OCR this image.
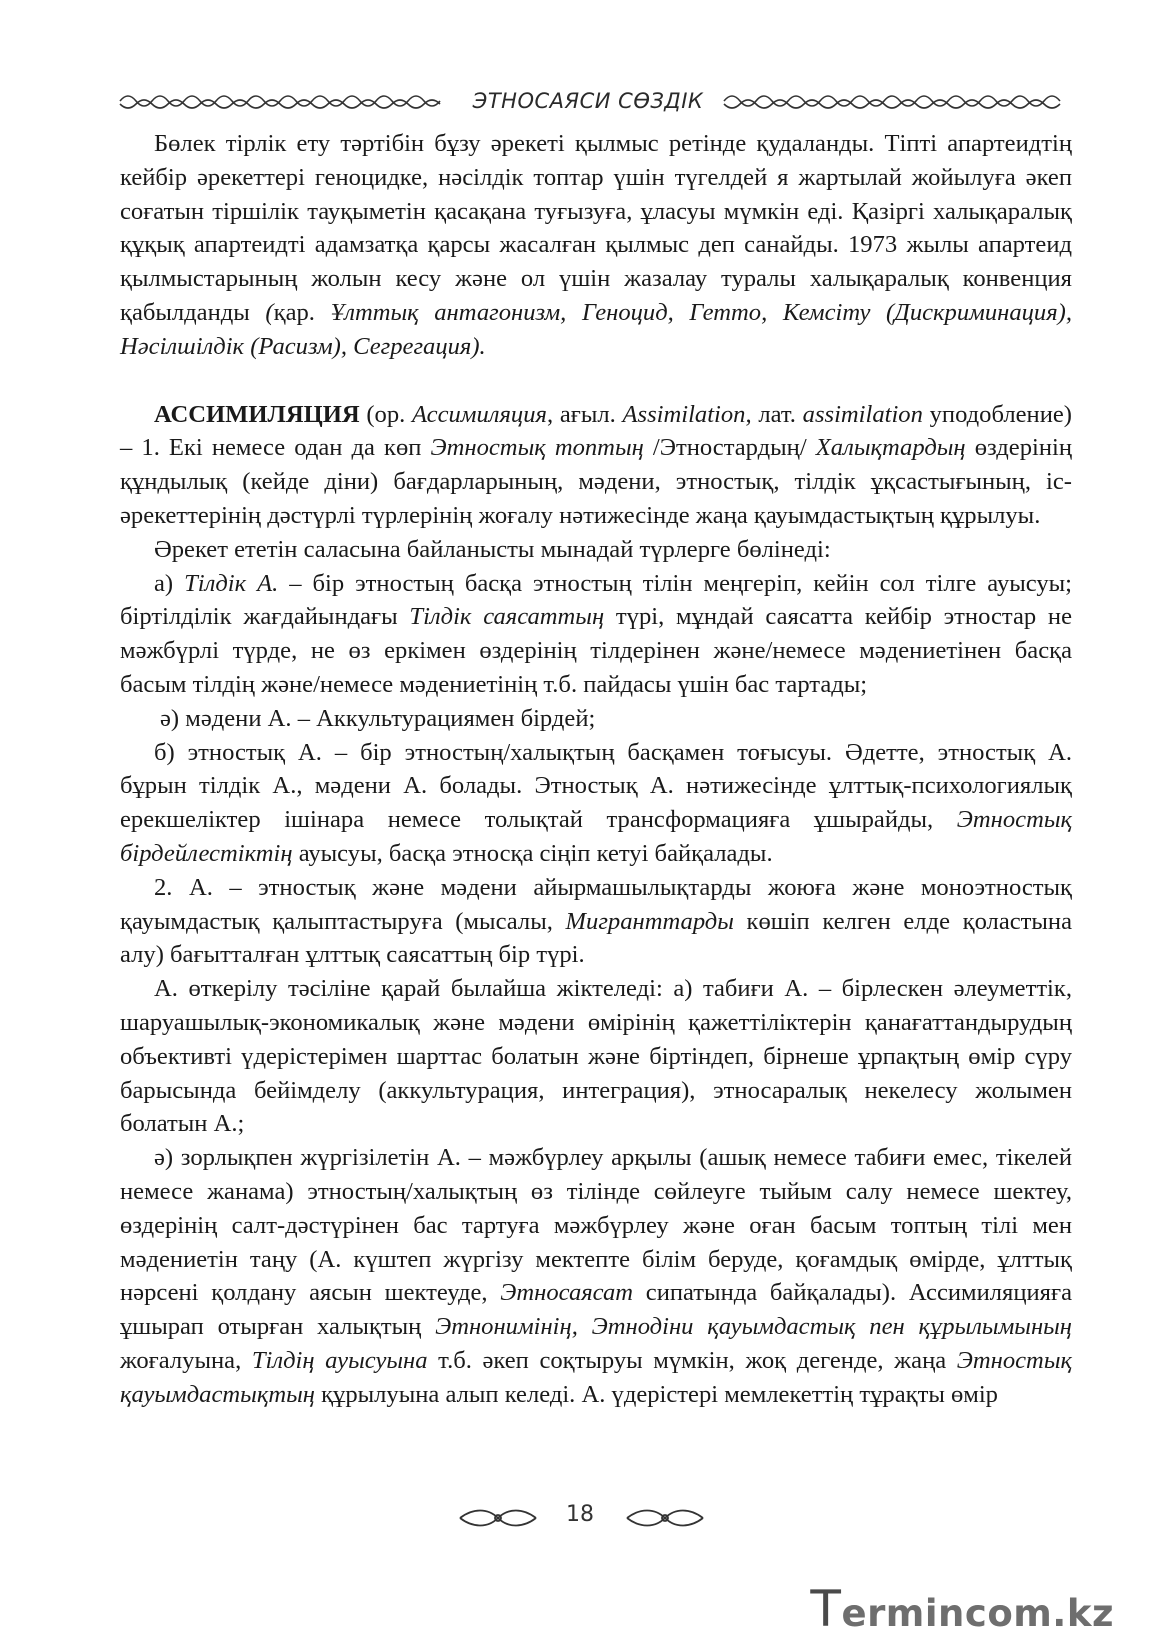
ЭТНОСАЯСИ СӨЗДІК

Бөлек тірлік ету тәртібін бұзу әрекеті қылмыс ретінде қудаланды. Тіпті апартеидтің кейбір әрекеттері геноцидке, нәсілдік топтар үшін түгелдей я жартылай жойылуға әкеп соғатын тіршілік тауқыметін қасақана туғызуға, ұласуы мүмкін еді. Қазіргі халықаралық құқық апартеидті адамзатқа қарсы жасалған қылмыс деп санайды. 1973 жылы апартеид қылмыстарының жолын кесу және ол үшін жазалау туралы халықаралық конвенция қабылданды (қар. Ұлттық антагонизм, Геноцид, Гетто, Кемсіту (Дискриминация), Нәсілшілдік (Расизм), Сегрегация).

АССИМИЛЯЦИЯ (ор. Ассимиляция, ағыл. Assimilation, лат. assimilation уподобление) – 1. Екі немесе одан да көп Этностық топтың /Этностардың/ Халықтардың өздерінің құндылық (кейде діни) бағдарларының, мәдени, этностық, тілдік ұқсастығының, іс-әрекеттерінің дәстүрлі түрлерінің жоғалу нәтижесінде жаңа қауымдастықтың құрылуы.

Әрекет ететін саласына байланысты мынадай түрлерге бөлінеді:

а) Тілдік А. – бір этностың басқа этностың тілін меңгеріп, кейін сол тілге ауысуы; біртілділік жағдайындағы Тілдік саясаттың түрі, мұндай саясатта кейбір этностар не мәжбүрлі түрде, не өз еркімен өздерінің тілдерінен және/немесе мәдениетінен басқа басым тілдің және/немесе мәдениетінің т.б. пайдасы үшін бас тартады;

ә) мәдени А. – Аккультурациямен бірдей;

б) этностық А. – бір этностың/халықтың басқамен тоғысуы. Әдетте, этностық А. бұрын тілдік А., мәдени А. болады. Этностық А. нәтижесінде ұлттық-психологиялық ерекшеліктер ішінара немесе толықтай трансформацияға ұшырайды, Этностық бірдейлестіктің ауысуы, басқа этносқа сіңіп кетуі байқалады.

2. А. – этностық және мәдени айырмашылықтарды жоюға және моноэтностық қауымдастық қалыптастыруға (мысалы, Мигранттарды көшіп келген елде қоластына алу) бағытталған ұлттық саясаттың бір түрі.

А. өткерілу тәсіліне қарай былайша жіктеледі: а) табиғи А. – бірлескен әлеуметтік, шаруашылық-экономикалық және мәдени өмірінің қажеттіліктерін қанағаттандырудың объективті үдерістерімен шарттас болатын және біртіндеп, бірнеше ұрпақтың өмір сүру барысында бейімделу (аккультурация, интеграция), этносаралық некелесу жолымен болатын А.;

ә) зорлықпен жүргізілетін А. – мәжбүрлеу арқылы (ашық немесе табиғи емес, тікелей немесе жанама) этностың/халықтың өз тілінде сөйлеуге тыйым салу немесе шектеу, өздерінің салт-дәстүрінен бас тартуға мәжбүрлеу және оған басым топтың тілі мен мәдениетін таңу (А. күштеп жүргізу мектепте білім беруде, қоғамдық өмірде, ұлттық нәрсені қолдану аясын шектеуде, Этносаясат сипатында байқалады). Ассимиляцияға ұшырап отырған халықтың Этнонимінің, Этнодіни қауымдастық пен құрылымының жоғалуына, Тілдің ауысуына т.б. әкеп соқтыруы мүмкін, жоқ дегенде, жаңа Этностық қауымдастықтың құрылуына алып келеді. А. үдерістері мемлекеттің тұрақты өмір

18
Termincom.kz
